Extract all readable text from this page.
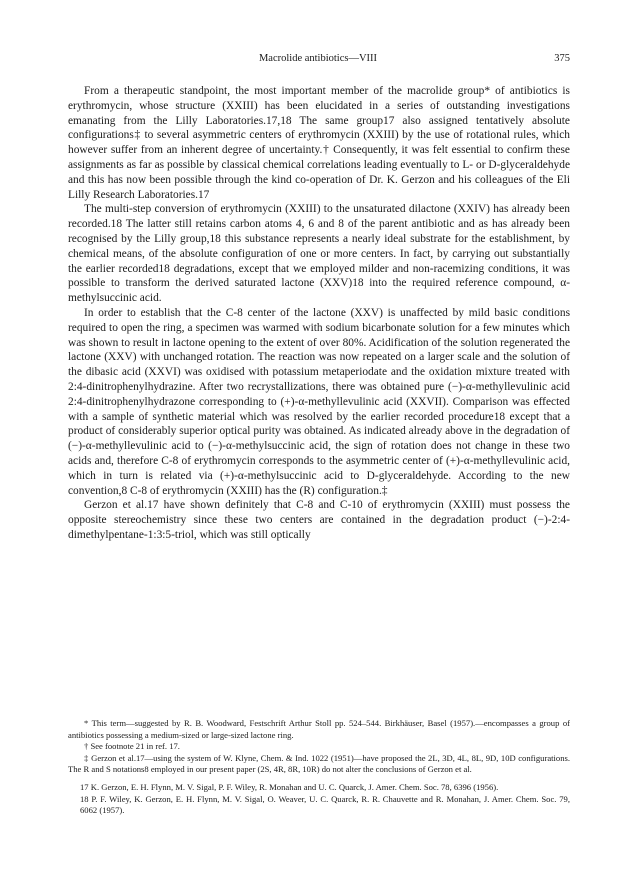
Macrolide antibiotics—VIII	375

From a therapeutic standpoint, the most important member of the macrolide group* of antibiotics is erythromycin, whose structure (XXIII) has been elucidated in a series of outstanding investigations emanating from the Lilly Laboratories.17,18 The same group17 also assigned tentatively absolute configurations‡ to several asymmetric centers of erythromycin (XXIII) by the use of rotational rules, which however suffer from an inherent degree of uncertainty.† Consequently, it was felt essential to confirm these assignments as far as possible by classical chemical correlations leading eventually to L- or D-glyceraldehyde and this has now been possible through the kind co-operation of Dr. K. Gerzon and his colleagues of the Eli Lilly Research Laboratories.17

The multi-step conversion of erythromycin (XXIII) to the unsaturated dilactone (XXIV) has already been recorded.18 The latter still retains carbon atoms 4, 6 and 8 of the parent antibiotic and as has already been recognised by the Lilly group,18 this substance represents a nearly ideal substrate for the establishment, by chemical means, of the absolute configuration of one or more centers. In fact, by carrying out substantially the earlier recorded18 degradations, except that we employed milder and non-racemizing conditions, it was possible to transform the derived saturated lactone (XXV)18 into the required reference compound, α-methylsuccinic acid.

In order to establish that the C-8 center of the lactone (XXV) is unaffected by mild basic conditions required to open the ring, a specimen was warmed with sodium bicarbonate solution for a few minutes which was shown to result in lactone opening to the extent of over 80%. Acidification of the solution regenerated the lactone (XXV) with unchanged rotation. The reaction was now repeated on a larger scale and the solution of the dibasic acid (XXVI) was oxidised with potassium metaperiodate and the oxidation mixture treated with 2:4-dinitrophenylhydrazine. After two recrystallizations, there was obtained pure (−)-α-methyllevulinic acid 2:4-dinitrophenylhydrazone corresponding to (+)-α-methyllevulinic acid (XXVII). Comparison was effected with a sample of synthetic material which was resolved by the earlier recorded procedure18 except that a product of considerably superior optical purity was obtained. As indicated already above in the degradation of (−)-α-methyllevulinic acid to (−)-α-methylsuccinic acid, the sign of rotation does not change in these two acids and, therefore C-8 of erythromycin corresponds to the asymmetric center of (+)-α-methyllevulinic acid, which in turn is related via (+)-α-methylsuccinic acid to D-glyceraldehyde. According to the new convention,8 C-8 of erythromycin (XXIII) has the (R) configuration.‡

Gerzon et al.17 have shown definitely that C-8 and C-10 of erythromycin (XXIII) must possess the opposite stereochemistry since these two centers are contained in the degradation product (−)-2:4-dimethylpentane-1:3:5-triol, which was still optically

* This term—suggested by R. B. Woodward, Festschrift Arthur Stoll pp. 524–544. Birkhäuser, Basel (1957).—encompasses a group of antibiotics possessing a medium-sized or large-sized lactone ring.

† See footnote 21 in ref. 17.

‡ Gerzon et al.17—using the system of W. Klyne, Chem. & Ind. 1022 (1951)—have proposed the 2L, 3D, 4L, 8L, 9D, 10D configurations. The R and S notations8 employed in our present paper (2S, 4R, 8R, 10R) do not alter the conclusions of Gerzon et al.

17 K. Gerzon, E. H. Flynn, M. V. Sigal, P. F. Wiley, R. Monahan and U. C. Quarck, J. Amer. Chem. Soc. 78, 6396 (1956).

18 P. F. Wiley, K. Gerzon, E. H. Flynn, M. V. Sigal, O. Weaver, U. C. Quarck, R. R. Chauvette and R. Monahan, J. Amer. Chem. Soc. 79, 6062 (1957).
